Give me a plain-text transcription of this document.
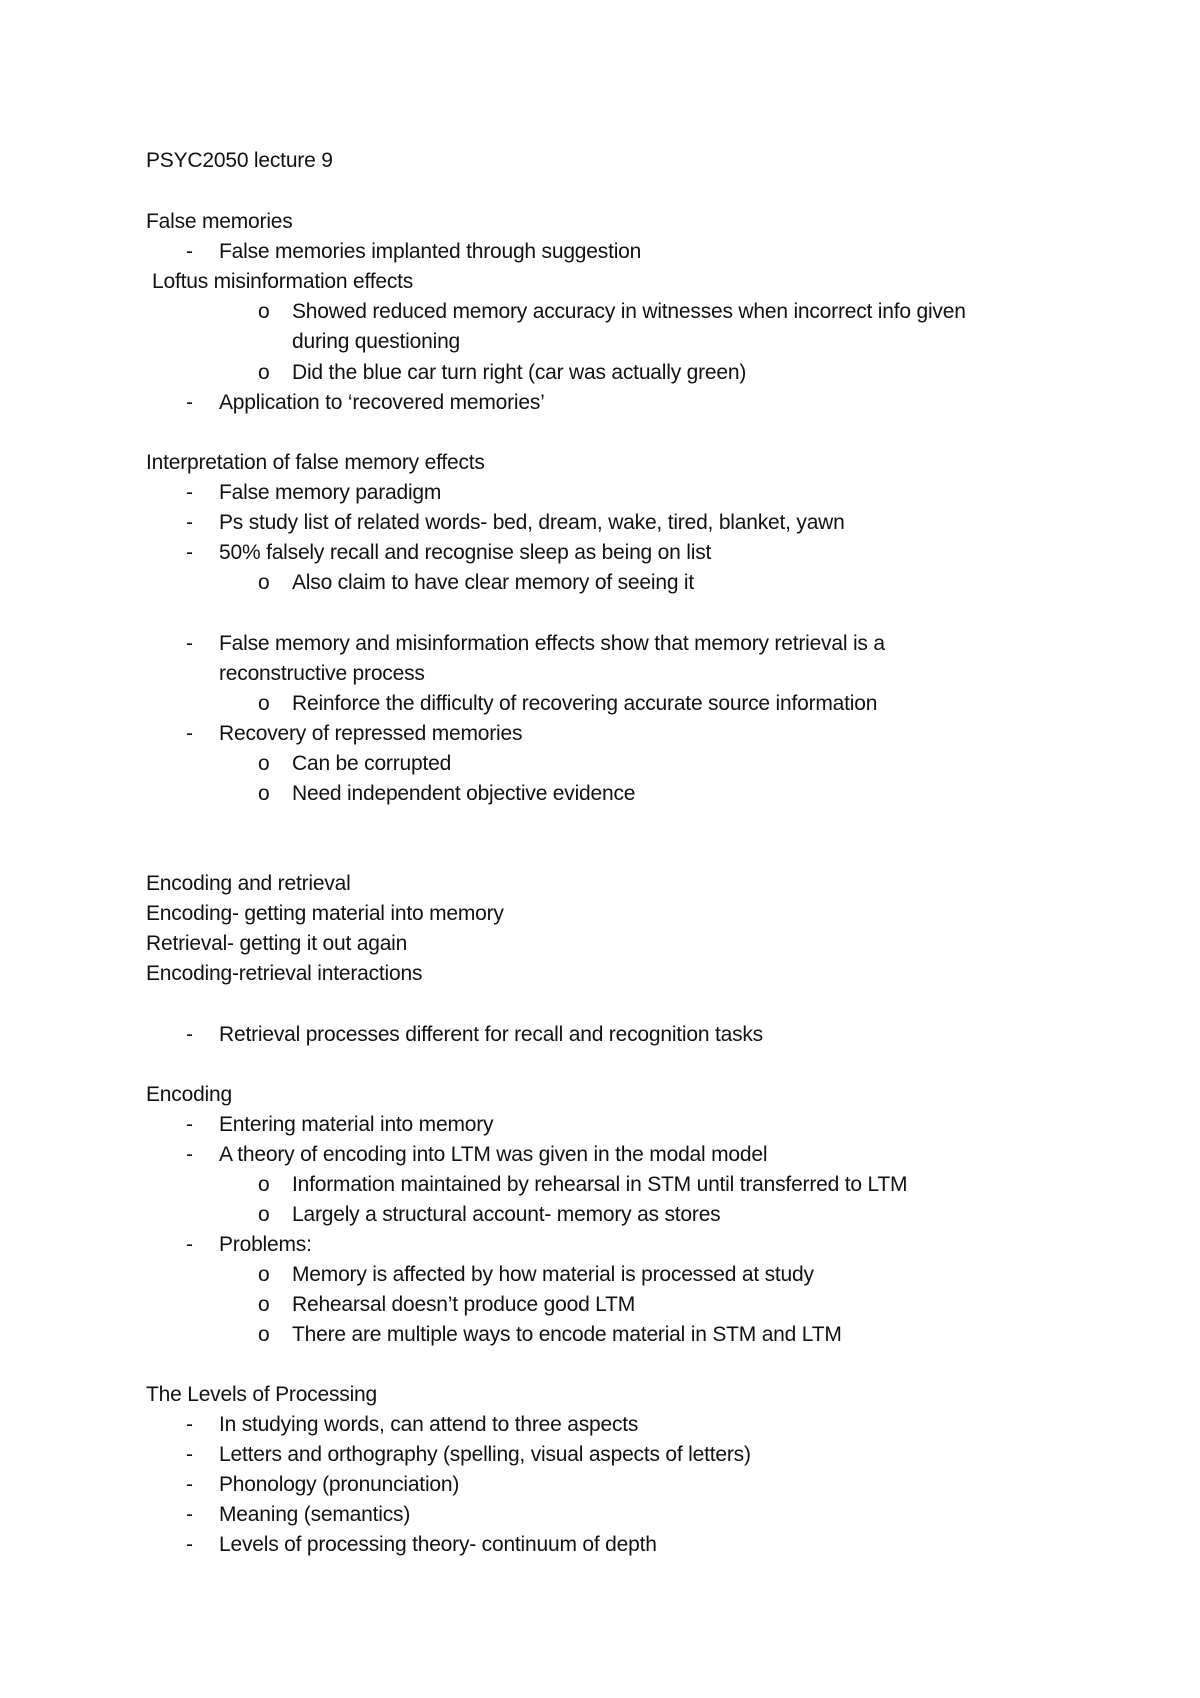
PSYC2050 lecture 9
False memories
- False memories implanted through suggestion
Loftus misinformation effects
o Showed reduced memory accuracy in witnesses when incorrect info given
during questioning
o Did the blue car turn right (car was actually green)
- Application to ‘recovered memories’
Interpretation of false memory effects
- False memory paradigm
- Ps study list of related words- bed, dream, wake, tired, blanket, yawn
- 50% falsely recall and recognise sleep as being on list
o Also claim to have clear memory of seeing it
- False memory and misinformation effects show that memory retrieval is a
reconstructive process
o Reinforce the difficulty of recovering accurate source information
- Recovery of repressed memories
o Can be corrupted
o Need independent objective evidence
Encoding and retrieval
Encoding- getting material into memory
Retrieval- getting it out again
Encoding-retrieval interactions
- Retrieval processes different for recall and recognition tasks
Encoding
- Entering material into memory
- A theory of encoding into LTM was given in the modal model
o Information maintained by rehearsal in STM until transferred to LTM
o Largely a structural account- memory as stores
- Problems:
o Memory is affected by how material is processed at study
o Rehearsal doesn’t produce good LTM
o There are multiple ways to encode material in STM and LTM
The Levels of Processing
- In studying words, can attend to three aspects
- Letters and orthography (spelling, visual aspects of letters)
- Phonology (pronunciation)
- Meaning (semantics)
- Levels of processing theory- continuum of depth
